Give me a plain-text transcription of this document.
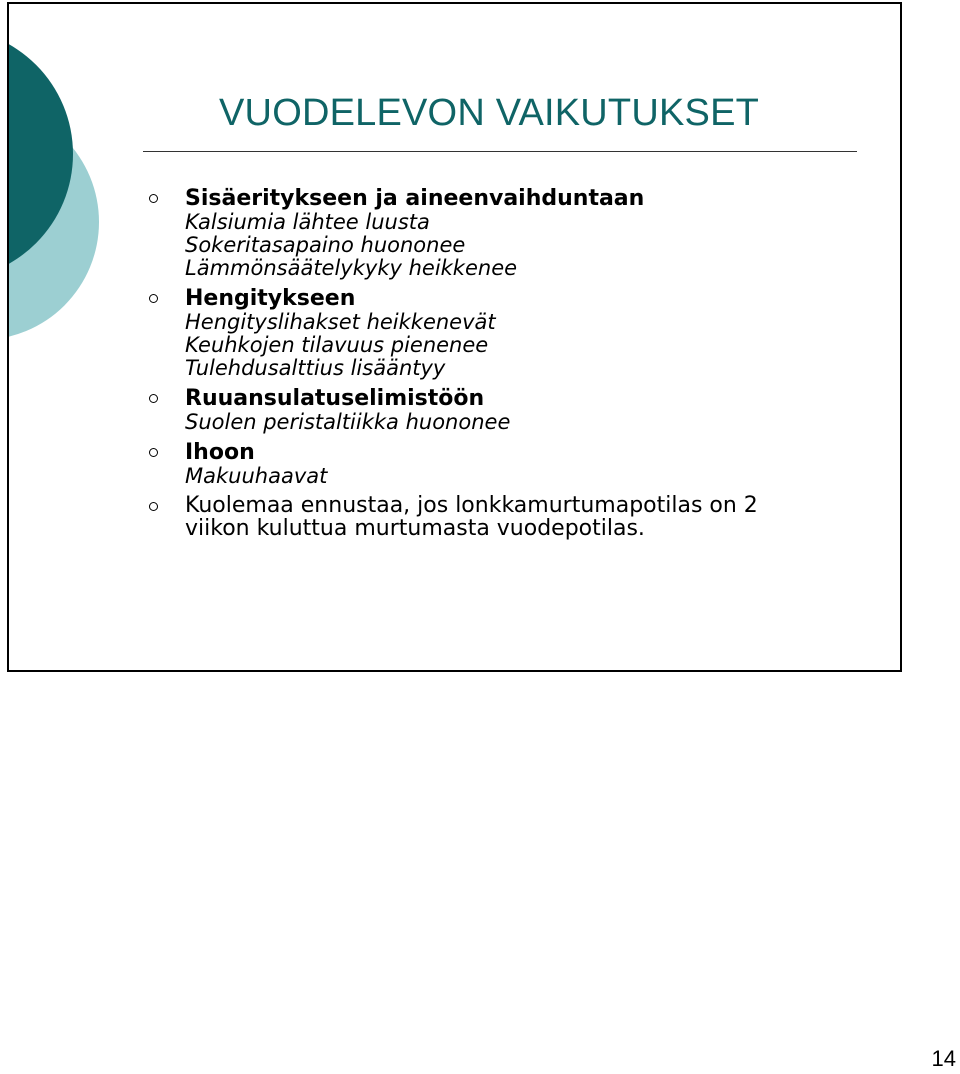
VUODELEVON VAIKUTUKSET
Sisäeritykseen ja aineenvaihduntaan
Kalsiumia lähtee luusta
Sokeritasapaino huononee
Lämmönsäätelykyky heikkenee
Hengitykseen
Hengityslihakset heikkenevät
Keuhkojen tilavuus pienenee
Tulehdusalttius lisääntyy
Ruuansulatuselimistöön
Suolen peristaltiikka huononee
Ihoon
Makuuhaavat
Kuolemaa ennustaa, jos lonkkamurtumapotilas on 2
viikon kuluttua murtumasta vuodepotilas.
14
